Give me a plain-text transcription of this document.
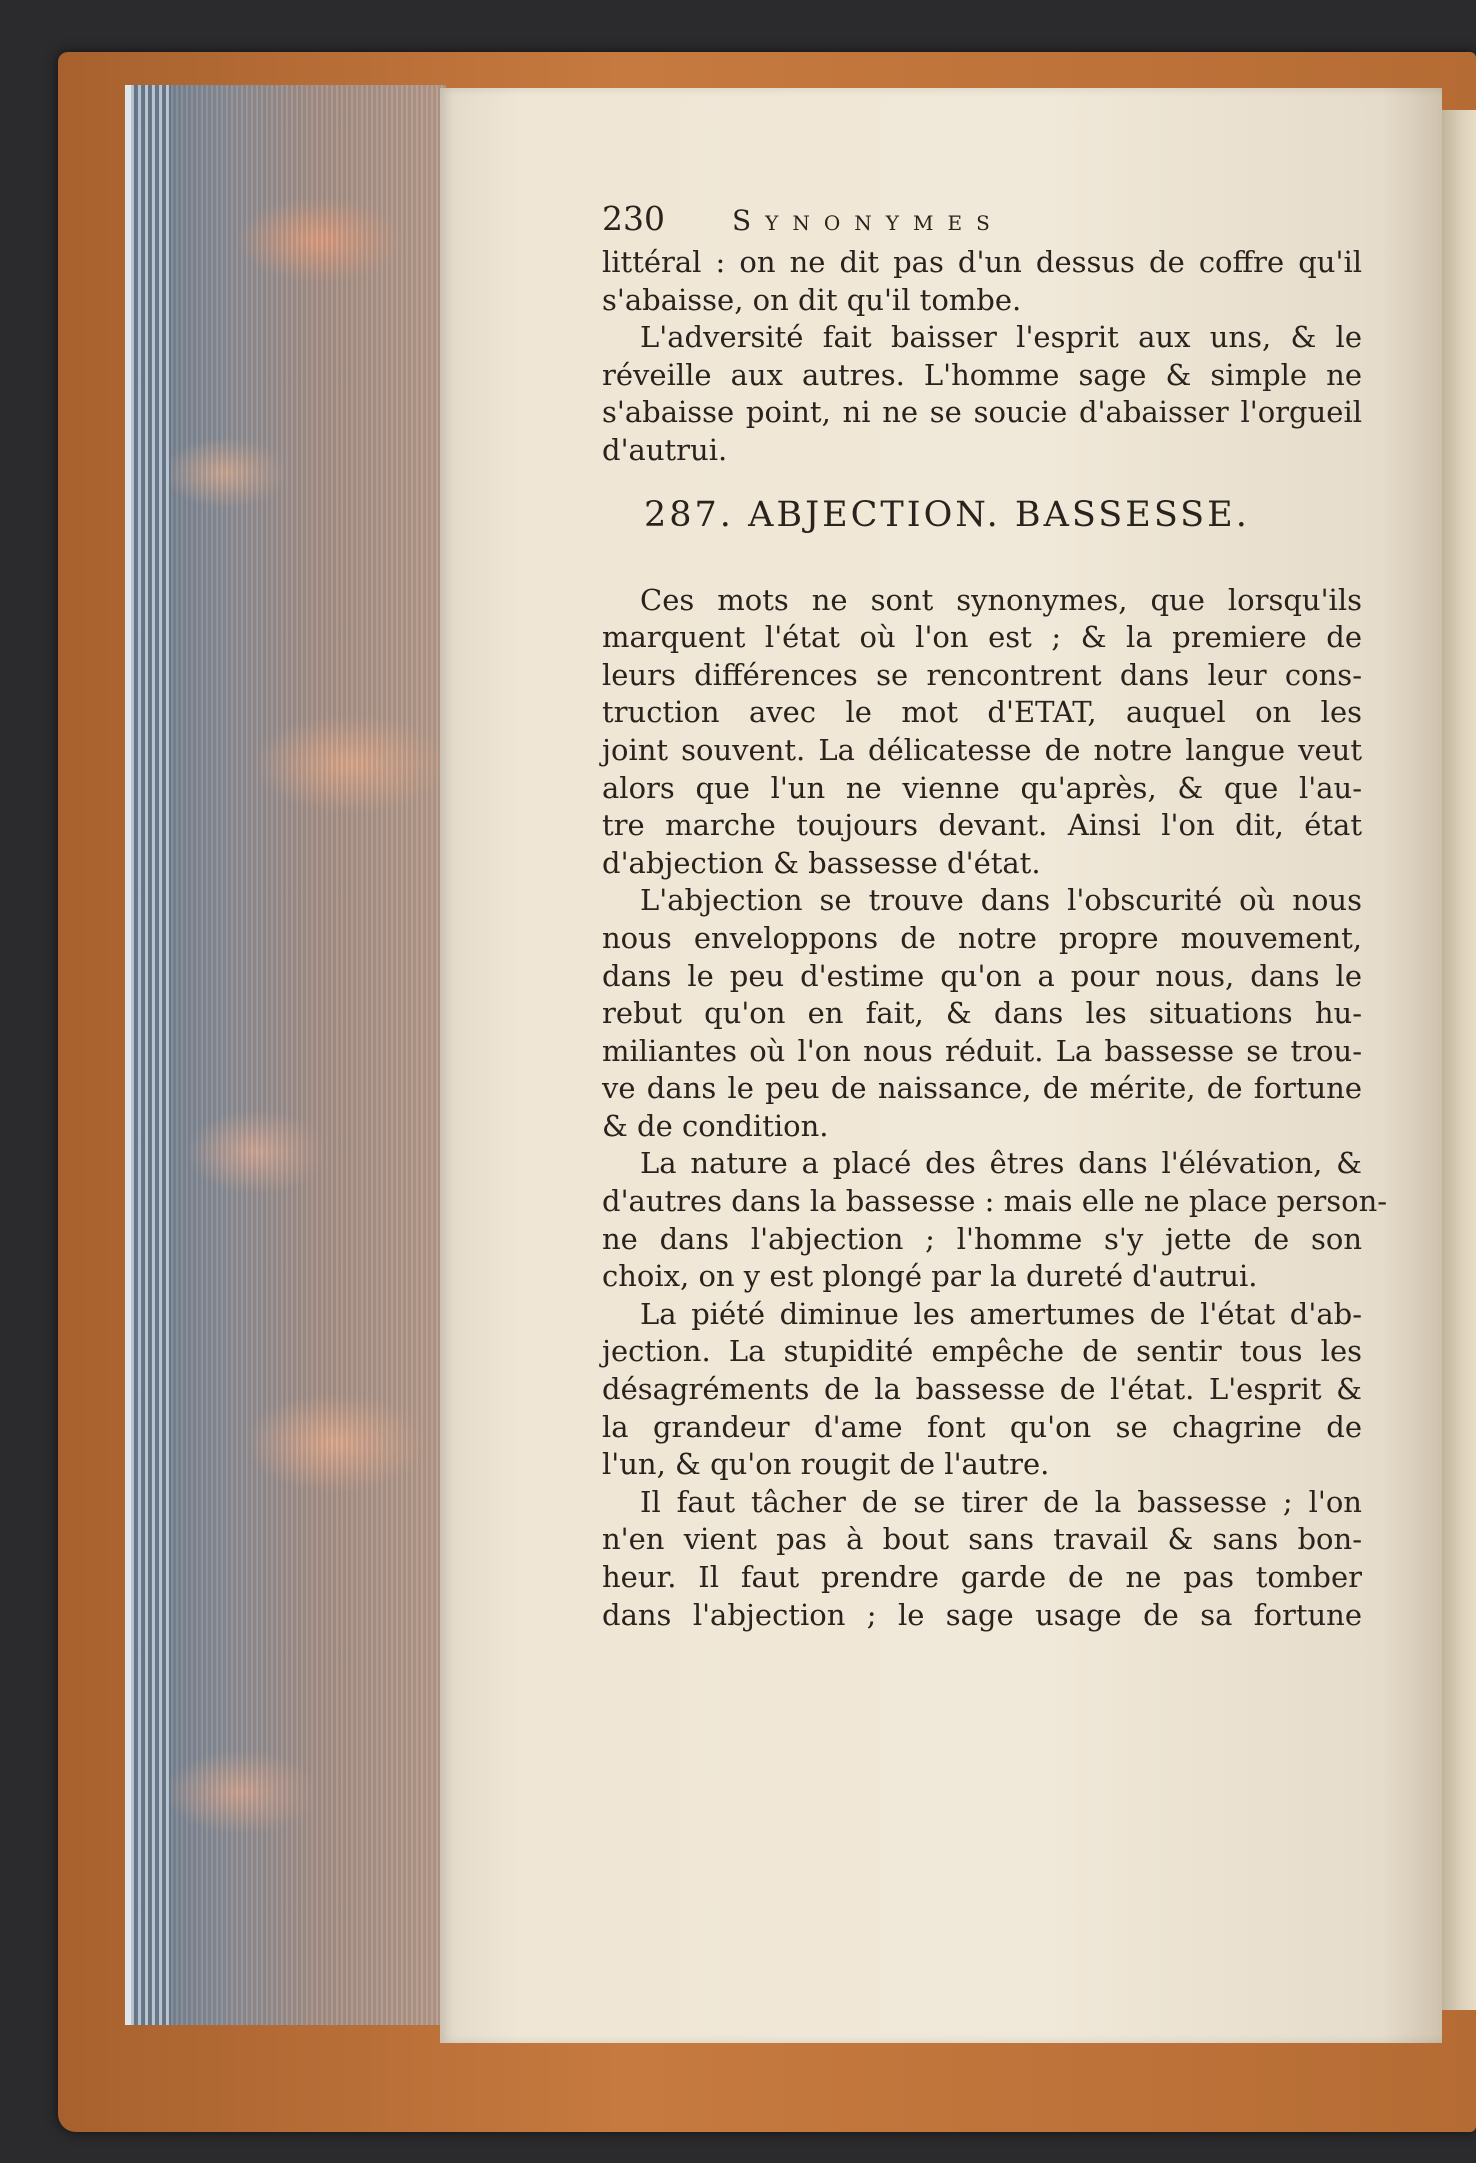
230	Synonymes
littéral : on ne dit pas d'un dessus de coffre qu'il
s'abaisse, on dit qu'il tombe.
L'adversité fait baisser l'esprit aux uns, & le
réveille aux autres. L'homme sage & simple ne
s'abaisse point, ni ne se soucie d'abaisser l'orgueil
d'autrui.
287. ABJECTION. BASSESSE.
Ces mots ne sont synonymes, que lorsqu'ils
marquent l'état où l'on est ; & la premiere de
leurs différences se rencontrent dans leur cons-
truction avec le mot d'ETAT, auquel on les
joint souvent. La délicatesse de notre langue veut
alors que l'un ne vienne qu'après, & que l'au-
tre marche toujours devant. Ainsi l'on dit, état
d'abjection & bassesse d'état.
L'abjection se trouve dans l'obscurité où nous
nous enveloppons de notre propre mouvement,
dans le peu d'estime qu'on a pour nous, dans le
rebut qu'on en fait, & dans les situations hu-
miliantes où l'on nous réduit. La bassesse se trou-
ve dans le peu de naissance, de mérite, de fortune
& de condition.
La nature a placé des êtres dans l'élévation, &
d'autres dans la bassesse : mais elle ne place person-
ne dans l'abjection ; l'homme s'y jette de son
choix, on y est plongé par la dureté d'autrui.
La piété diminue les amertumes de l'état d'ab-
jection. La stupidité empêche de sentir tous les
désagréments de la bassesse de l'état. L'esprit &
la grandeur d'ame font qu'on se chagrine de
l'un, & qu'on rougit de l'autre.
Il faut tâcher de se tirer de la bassesse ; l'on
n'en vient pas à bout sans travail & sans bon-
heur. Il faut prendre garde de ne pas tomber
dans l'abjection ; le sage usage de sa fortune
